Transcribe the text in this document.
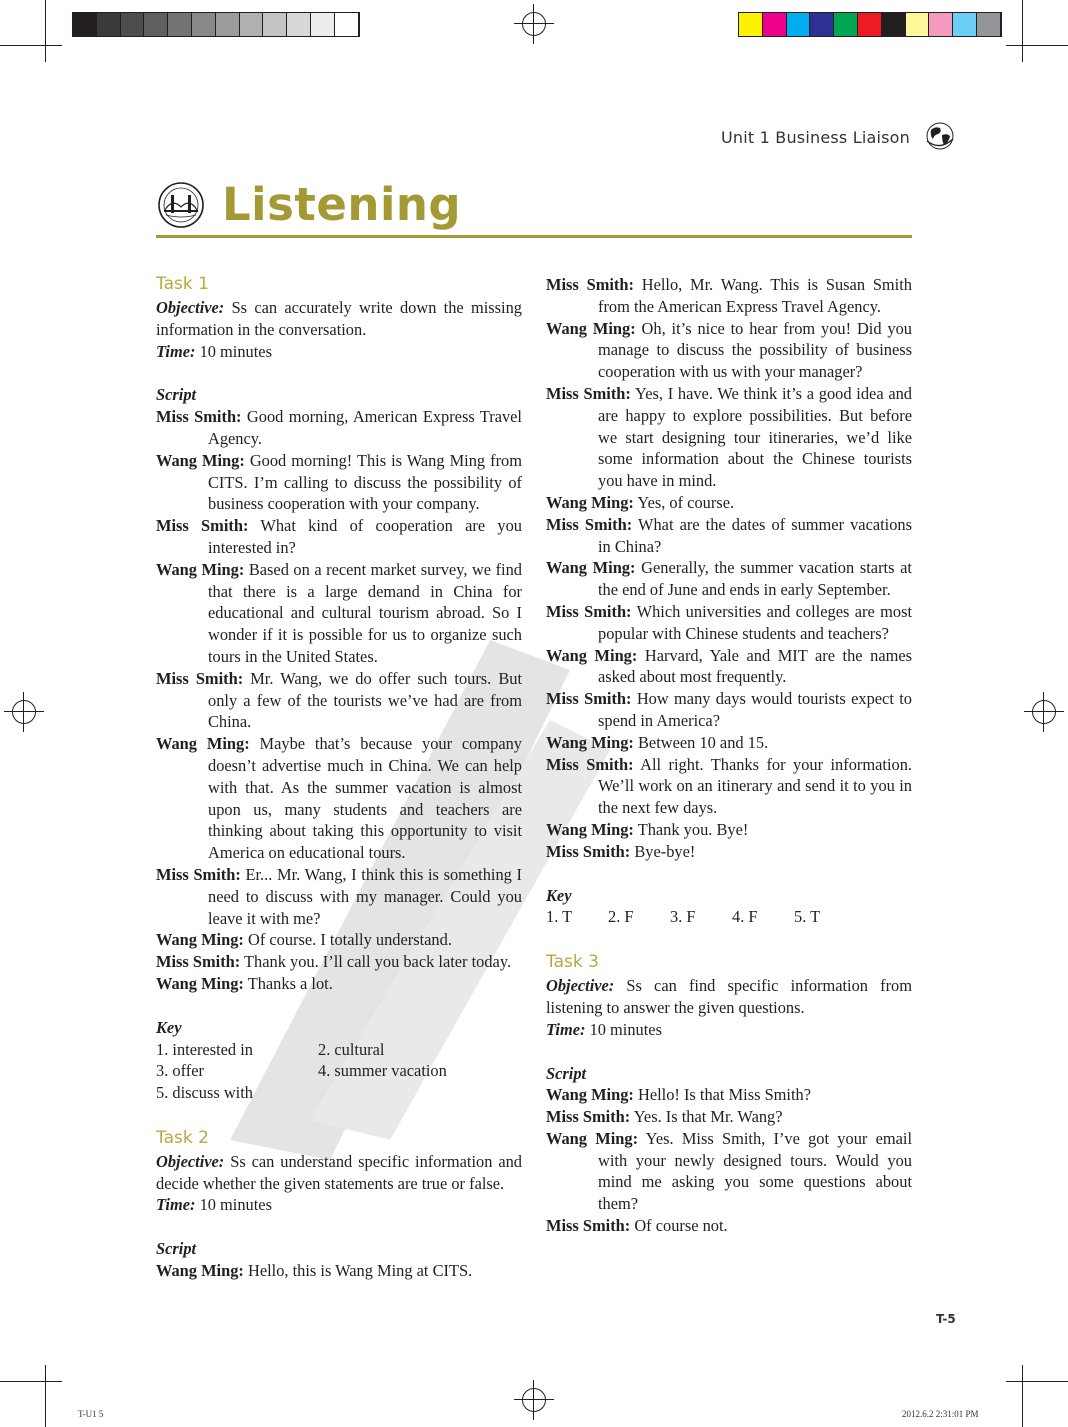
Unit 1 Business Liaison
Listening
Task 1
Objective: Ss can accurately write down the missing information in the conversation.
Time: 10 minutes
Script
Miss Smith: Good morning, American Express Travel Agency.
Wang Ming: Good morning! This is Wang Ming from CITS. I’m calling to discuss the possibility of business cooperation with your company.
Miss Smith: What kind of cooperation are you interested in?
Wang Ming: Based on a recent market survey, we find that there is a large demand in China for educational and cultural tourism abroad. So I wonder if it is possible for us to organize such tours in the United States.
Miss Smith: Mr. Wang, we do offer such tours. But only a few of the tourists we’ve had are from China.
Wang Ming: Maybe that’s because your company doesn’t advertise much in China. We can help with that. As the summer vacation is almost upon us, many students and teachers are thinking about taking this opportunity to visit America on educational tours.
Miss Smith: Er... Mr. Wang, I think this is something I need to discuss with my manager. Could you leave it with me?
Wang Ming: Of course. I totally understand.
Miss Smith: Thank you. I’ll call you back later today.
Wang Ming: Thanks a lot.
Key
1. interested in	2. cultural
3. offer	4. summer vacation
5. discuss with
Task 2
Objective: Ss can understand specific information and decide whether the given statements are true or false.
Time: 10 minutes
Script
Wang Ming: Hello, this is Wang Ming at CITS.
Miss Smith: Hello, Mr. Wang. This is Susan Smith from the American Express Travel Agency.
Wang Ming: Oh, it’s nice to hear from you! Did you manage to discuss the possibility of business cooperation with us with your manager?
Miss Smith: Yes, I have. We think it’s a good idea and are happy to explore possibilities. But before we start designing tour itineraries, we’d like some information about the Chinese tourists you have in mind.
Wang Ming: Yes, of course.
Miss Smith: What are the dates of summer vacations in China?
Wang Ming: Generally, the summer vacation starts at the end of June and ends in early September.
Miss Smith: Which universities and colleges are most popular with Chinese students and teachers?
Wang Ming: Harvard, Yale and MIT are the names asked about most frequently.
Miss Smith: How many days would tourists expect to spend in America?
Wang Ming: Between 10 and 15.
Miss Smith: All right. Thanks for your information. We’ll work on an itinerary and send it to you in the next few days.
Wang Ming: Thank you. Bye!
Miss Smith: Bye-bye!
Key
1. T	2. F	3. F	4. F	5. T
Task 3
Objective: Ss can find specific information from listening to answer the given questions.
Time: 10 minutes
Script
Wang Ming: Hello! Is that Miss Smith?
Miss Smith: Yes. Is that Mr. Wang?
Wang Ming: Yes. Miss Smith, I’ve got your email with your newly designed tours. Would you mind me asking you some questions about them?
Miss Smith: Of course not.
T-5
T-U1 5	2012.6.2 2:31:01 PM
